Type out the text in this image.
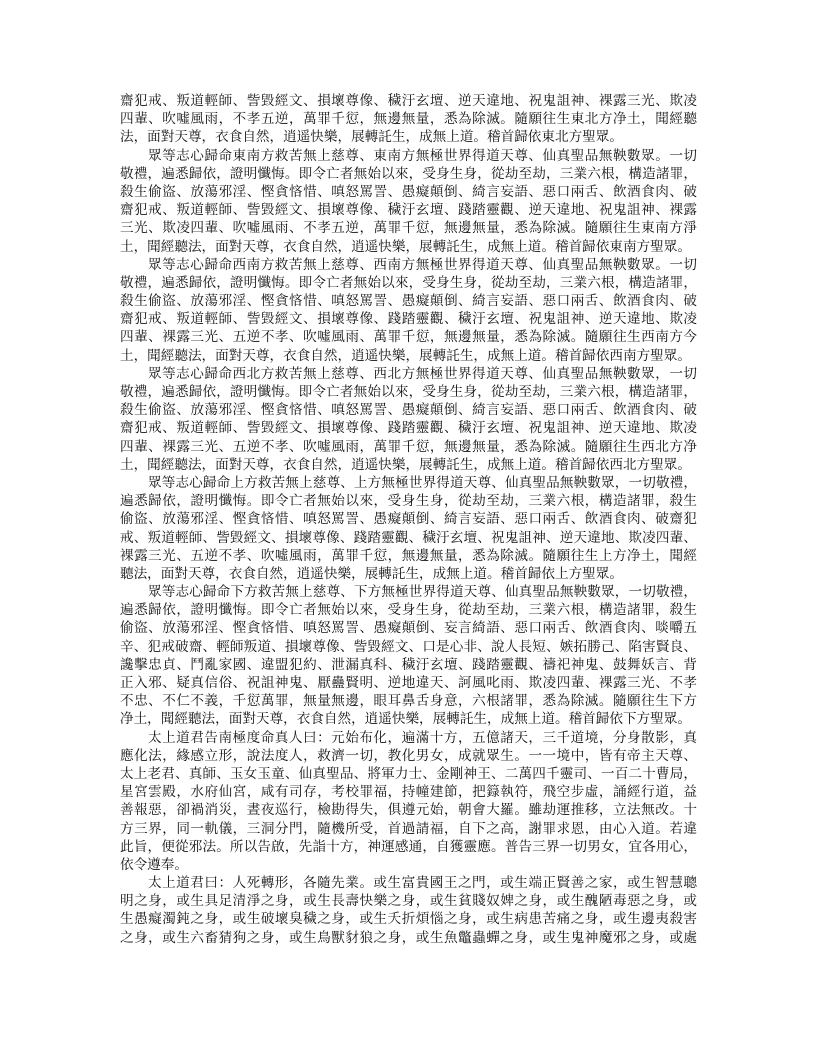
齋犯戒、叛道輕師、訾毀經文、損壞尊像、穢汙玄壇、逆天違地、祝鬼詛神、裸露三光、欺凌
四輩、吹噓風雨，不孝五逆，萬罪千愆，無邊無量，悉為除滅。隨願往生東北方净土，聞經聽
法，面對天尊，衣食自然，逍遥快樂，展轉託生，成無上道。稽首歸依東北方聖眾。
眾等志心歸命東南方救苦無上慈尊、東南方無極世界得道天尊、仙真聖品無鞅數眾。一切
敬禮，遍悉歸依，證明懺悔。即令亡者無始以來，受身生身，從劫至劫，三業六根，構造諸罪，
殺生偷盜、放蕩邪淫、慳貪悋惜、嗔怒罵詈、愚癡顛倒、綺言妄語、惡口兩舌、飲酒食肉、破
齋犯戒、叛道輕師、訾毀經文、損壞尊像、穢汙玄壇、踐踏靈觀、逆天違地、祝鬼詛神、裸露
三光、欺凌四輩、吹噓風雨、不孝五逆，萬罪千愆，無邊無量，悉為除滅。隨願往生東南方淨
土，聞經聽法，面對天尊，衣食自然，逍遥快樂，展轉託生，成無上道。稽首歸依東南方聖眾。
眾等志心歸命西南方救苦無上慈尊、西南方無極世界得道天尊、仙真聖品無鞅數眾。一切
敬禮，遍悉歸依，證明懺悔。即令亡者無始以來，受身生身，從劫至劫，三業六根，構造諸罪，
殺生偷盜、放蕩邪淫、慳貪悋惜、嗔怒罵詈、愚癡顛倒、綺言妄語、惡口兩舌、飲酒食肉、破
齋犯戒、叛道輕師、訾毀經文、損壞尊像、踐踏靈觀、穢汙玄壇、祝鬼詛神、逆天違地、欺凌
四輩、裸露三光、五逆不孝、吹噓風雨、萬罪千愆，無邊無量，悉為除滅。隨願往生西南方今
土，聞經聽法，面對天尊，衣食自然，逍遥快樂，展轉託生，成無上道。稽首歸依西南方聖眾。
眾等志心歸命西北方救苦無上慈尊、西北方無極世界得道天尊、仙真聖品無鞅數眾，一切
敬禮，遍悉歸依，證明懺悔。即令亡者無始以來，受身生身，從劫至劫，三業六根，構造諸罪，
殺生偷盜、放蕩邪淫、慳貪悋惜、嗔怒罵詈、愚癡顛倒、綺言妄語、惡口兩舌、飲酒食肉、破
齋犯戒、叛道輕師、訾毀經文、損壞尊像、踐踏靈觀、穢汙玄壇、祝鬼詛神、逆天違地、欺凌
四輩、裸露三光、五逆不孝、吹噓風雨，萬罪千愆，無邊無量，悉為除滅。隨願往生西北方净
土，聞經聽法，面對天尊，衣食自然，逍遥快樂，展轉託生，成無上道。稽首歸依西北方聖眾。
眾等志心歸命上方救苦無上慈尊、上方無極世界得道天尊、仙真聖品無鞅數眾，一切敬禮，
遍悉歸依，證明懺悔。即令亡者無始以來，受身生身，從劫至劫，三業六根，構造諸罪，殺生
偷盜、放蕩邪淫、慳貪悋惜、嗔怒罵詈、愚癡顛倒、綺言妄語、惡口兩舌、飲酒食肉、破齋犯
戒、叛道輕師、訾毀經文、損壞尊像、踐踏靈觀、穢汙玄壇、祝鬼詛神、逆天違地、欺凌四輩、
裸露三光、五逆不孝、吹噓風雨，萬罪千愆，無邊無量，悉為除滅。隨願往生上方净土，聞經
聽法，面對天尊，衣食自然，逍遥快樂，展轉託生，成無上道。稽首歸依上方聖眾。
眾等志心歸命下方救苦無上慈尊、下方無極世界得道天尊、仙真聖品無鞅數眾，一切敬禮，
遍悉歸依，證明懺悔。即令亡者無始以來，受身生身，從劫至劫，三業六根，構造諸罪，殺生
偷盜、放蕩邪淫、慳貪悋惜、嗔怒罵詈、愚癡顛倒、妄言綺語、惡口兩舌、飲酒食肉、啖嚼五
辛、犯戒破齋、輕師叛道、損壞尊像、訾毀經文、口是心非、說人長短、嫉拓勝己、陷害賢良、
讒擊忠貞、鬥亂家國、違盟犯約、泄漏真科、穢汙玄壇、踐踏靈觀、禱祀神鬼、鼓舞妖言、背
正入邪、疑真信俗、祝詛神鬼、厭蠱賢明、逆地違天、訶風叱雨、欺凌四輩、裸露三光、不孝
不忠、不仁不義，千愆萬罪，無量無邊，眼耳鼻舌身意，六根諸罪，悉為除滅。隨願往生下方
净土，聞經聽法，面對天尊，衣食自然，逍遥快樂，展轉託生，成無上道。稽首歸依下方聖眾。
太上道君告南極度命真人曰：元始布化，遍滿十方，五億諸天，三千道境，分身散影，真
應化法，緣感立形，說法度人，救濟一切，教化男女，成就眾生。一一境中，皆有帝主天尊、
太上老君、真師、玉女玉童、仙真聖品、將軍力士、金剛神王、二萬四千靈司、一百二十曹局，
星宮雲殿，水府仙宮，咸有司存，考校罪福，持幢建節，把籙執符，飛空步虛，誦經行道，益
善報惡，卻禍消災，晝夜巡行，檢勘得失，俱遵元始，朝會大羅。雖劫運推移，立法無改。十
方三界，同一軌儀，三洞分門，隨機所受，首過請福，自下之高，謝罪求恩，由心入道。若違
此旨，便從邪法。所以告啟，先詣十方，神運感通，自獲靈應。普告三界一切男女，宜各用心，
依令遵奉。
太上道君曰：人死轉形，各隨先業。或生富貴國王之門，或生端正賢善之家，或生智慧聰
明之身，或生具足清淨之身，或生長壽快樂之身，或生貧賤奴婢之身，或生醜陋毒惡之身，或
生愚癡濁鈍之身，或生破壞臭穢之身，或生夭折煩惱之身，或生病患苦痛之身，或生邊夷殺害
之身，或生六畜猜狗之身，或生鳥獸豺狼之身，或生魚鼈蟲蟬之身，或生鬼神魔邪之身，或處
